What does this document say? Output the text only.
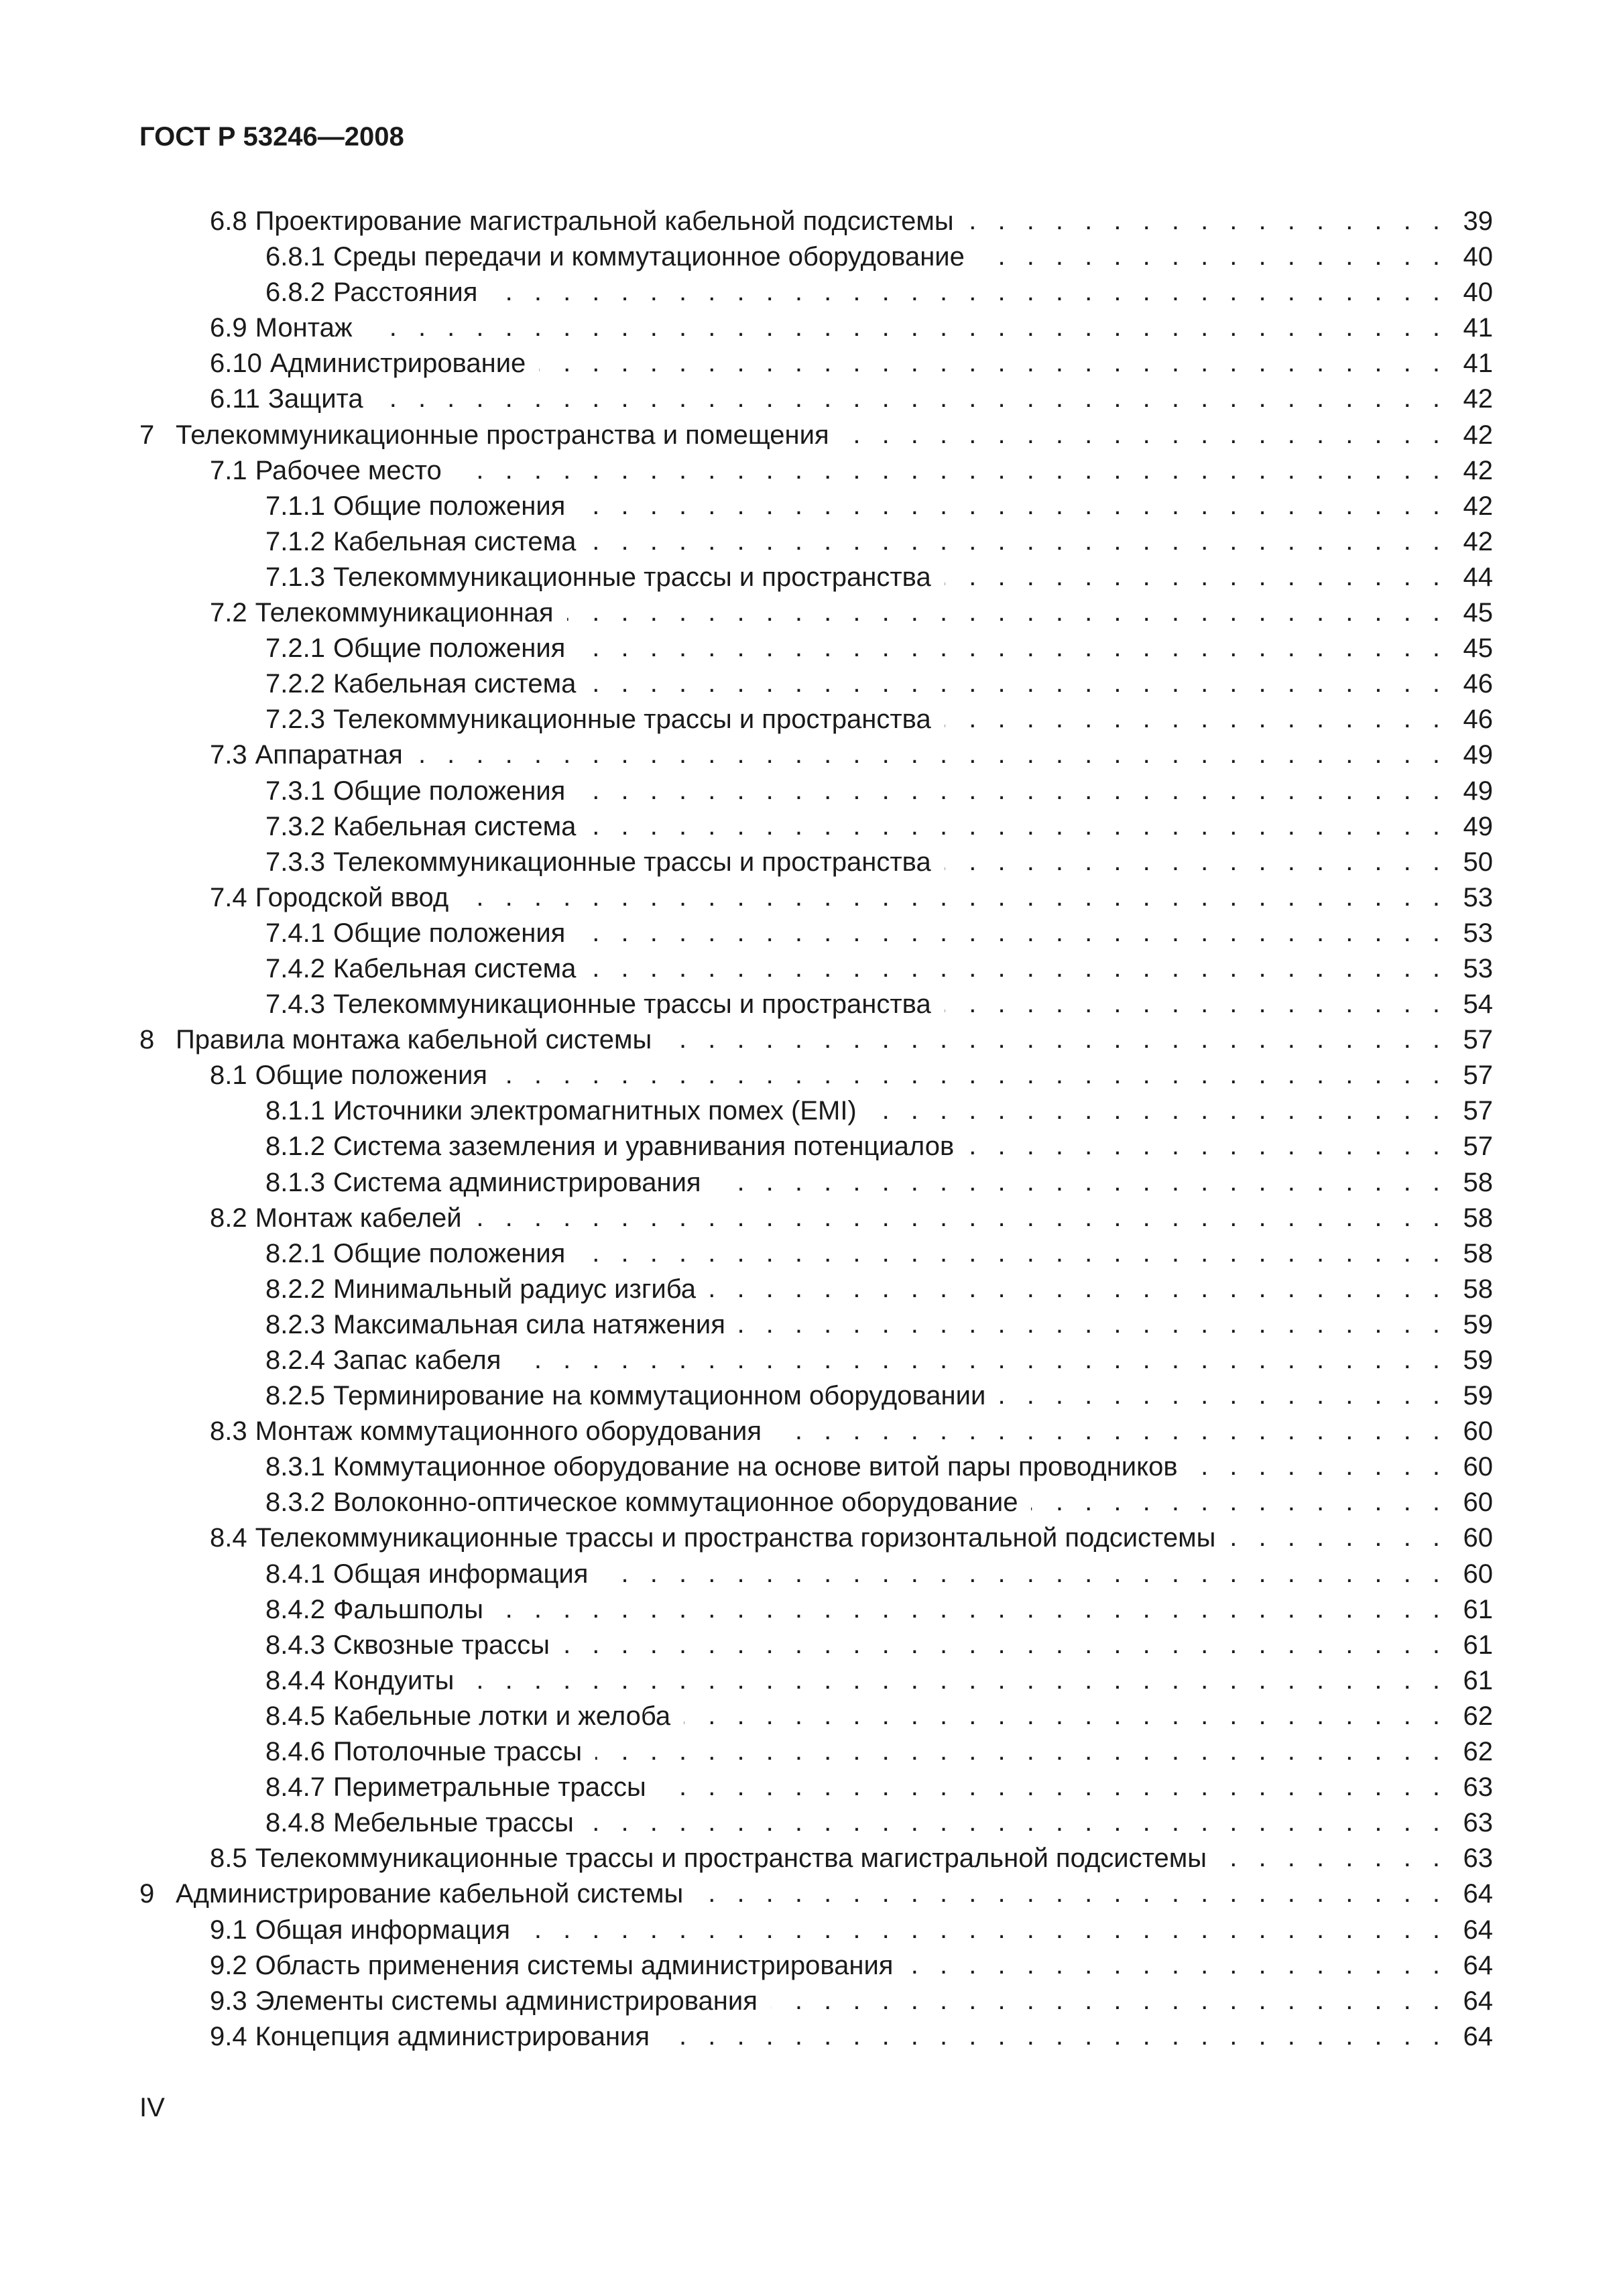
ГОСТ Р 53246—2008
6.8 Проектирование магистральной кабельной подсистемы . . .	39
6.8.1 Среды передачи и коммутационное оборудование . . .	40
6.8.2 Расстояния . . .	40
6.9 Монтаж . . .	41
6.10 Администрирование . . .	41
6.11 Защита . . .	42
7 Телекоммуникационные пространства и помещения . . .	42
7.1 Рабочее место . . .	42
7.1.1 Общие положения . . .	42
7.1.2 Кабельная система . . .	42
7.1.3 Телекоммуникационные трассы и пространства . . .	44
7.2 Телекоммуникационная . . .	45
7.2.1 Общие положения . . .	45
7.2.2 Кабельная система . . .	46
7.2.3 Телекоммуникационные трассы и пространства . . .	46
7.3 Аппаратная . . .	49
7.3.1 Общие положения . . .	49
7.3.2 Кабельная система . . .	49
7.3.3 Телекоммуникационные трассы и пространства . . .	50
7.4 Городской ввод . . .	53
7.4.1 Общие положения . . .	53
7.4.2 Кабельная система . . .	53
7.4.3 Телекоммуникационные трассы и пространства . . .	54
8 Правила монтажа кабельной системы . . .	57
8.1 Общие положения . . .	57
8.1.1 Источники электромагнитных помех (EMI) . . .	57
8.1.2 Система заземления и уравнивания потенциалов . . .	57
8.1.3 Система администрирования . . .	58
8.2 Монтаж кабелей . . .	58
8.2.1 Общие положения . . .	58
8.2.2 Минимальный радиус изгиба . . .	58
8.2.3 Максимальная сила натяжения . . .	59
8.2.4 Запас кабеля . . .	59
8.2.5 Терминирование на коммутационном оборудовании . . .	59
8.3 Монтаж коммутационного оборудования . . .	60
8.3.1 Коммутационное оборудование на основе витой пары проводников . . .	60
8.3.2 Волоконно-оптическое коммутационное оборудование . . .	60
8.4 Телекоммуникационные трассы и пространства горизонтальной подсистемы . . .	60
8.4.1 Общая информация . . .	60
8.4.2 Фальшполы . . .	61
8.4.3 Сквозные трассы . . .	61
8.4.4 Кондуиты . . .	61
8.4.5 Кабельные лотки и желоба . . .	62
8.4.6 Потолочные трассы . . .	62
8.4.7 Периметральные трассы . . .	63
8.4.8 Мебельные трассы . . .	63
8.5 Телекоммуникационные трассы и пространства магистральной подсистемы . . .	63
9 Администрирование кабельной системы . . .	64
9.1 Общая информация . . .	64
9.2 Область применения системы администрирования . . .	64
9.3 Элементы системы администрирования . . .	64
9.4 Концепция администрирования . . .	64
IV
